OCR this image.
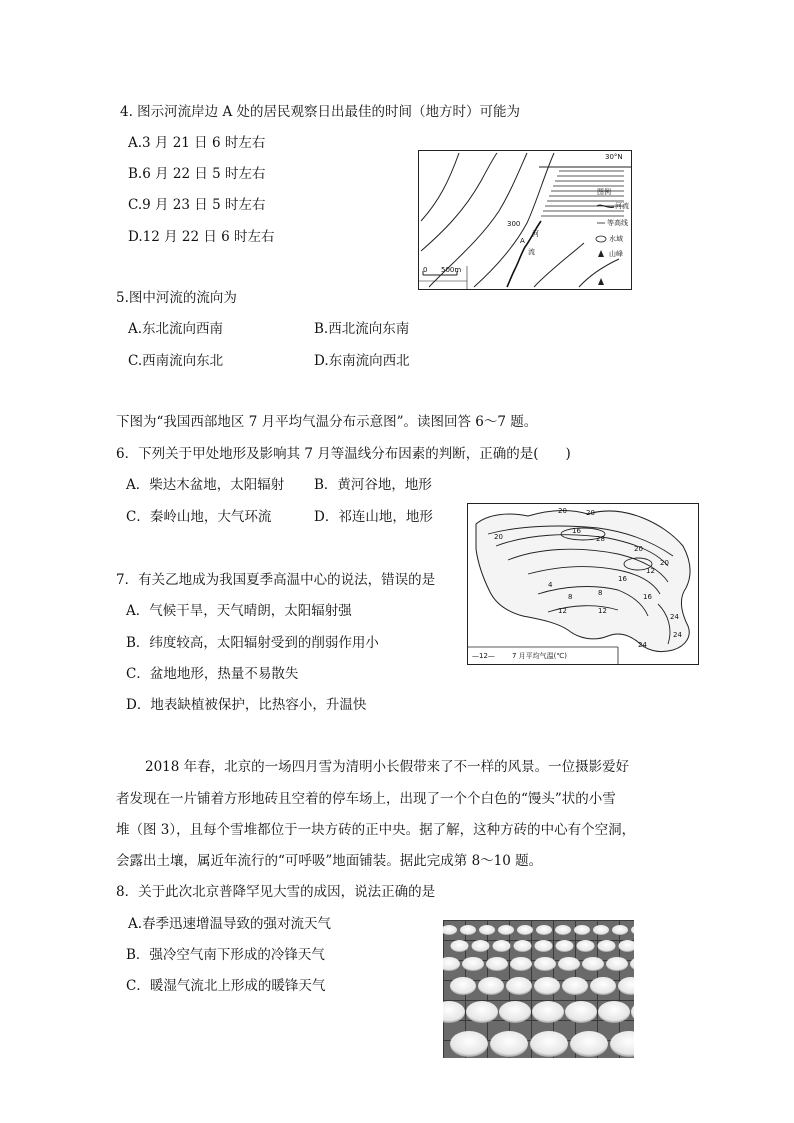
4. 图示河流岸边 A 处的居民观察日出最佳的时间（地方时）可能为
A.3 月 21 日 6 时左右
B.6 月 22 日 5 时左右
C.9 月 23 日 5 时左右
D.12 月 22 日 6 时左右
30°N
300
A
河
流
0 500m
图例
河流
等高线
水域
山峰
5.图中河流的流向为
A.东北流向西南	B.西北流向东南
C.西南流向东北	D.东南流向西北
下图为“我国西部地区 7 月平均气温分布示意图”。读图回答 6～7 题。
6．下列关于甲处地形及影响其 7 月等温线分布因素的判断，正确的是(　　)
A．柴达木盆地，太阳辐射 B．黄河谷地，地形
C．秦岭山地，大气环流	D．祁连山地，地形	20
20
16
20
28
20
20
12
16
4
8	8
12	12
16
24
24
24
—12— 7 月平均气温(℃)
7．有关乙地成为我国夏季高温中心的说法，错误的是
A．气候干旱，天气晴朗，太阳辐射强
B．纬度较高，太阳辐射受到的削弱作用小
C．盆地地形，热量不易散失
D．地表缺植被保护，比热容小，升温快
2018 年春，北京的一场四月雪为清明小长假带来了不一样的风景。一位摄影爱好
者发现在一片铺着方形地砖且空着的停车场上，出现了一个个白色的“馒头”状的小雪
堆（图 3），且每个雪堆都位于一块方砖的正中央。据了解，这种方砖的中心有个空洞，
会露出土壤，属近年流行的“可呼吸”地面铺装。据此完成第 8～10 题。
8．关于此次北京普降罕见大雪的成因，说法正确的是
A.春季迅速增温导致的强对流天气
B．强冷空气南下形成的冷锋天气
C．暖湿气流北上形成的暖锋天气
